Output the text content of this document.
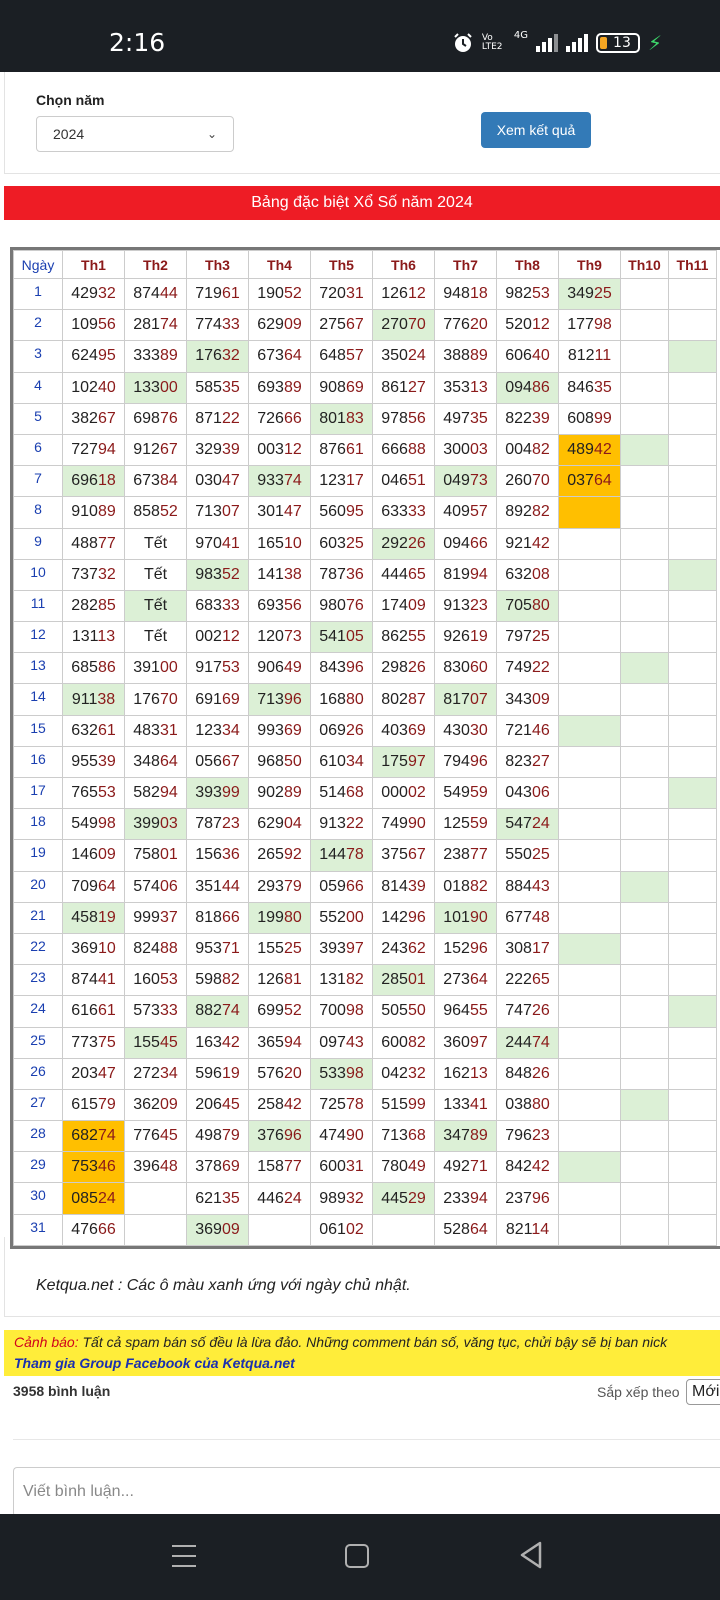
2:16	Vo LTE2
4G	13 ⚡
Chọn năm
2024	⌄	Xem kết quả
Bảng đặc biệt Xổ Số năm 2024
Ngày	Th1	Th2	Th3	Th4	Th5	Th6	Th7	Th8	Th9	Th10	Th11
1	42932	87444	71961	19052	72031	12612	94818	98253	34925		
2	10956	28174	77433	62909	27567	27070	77620	52012	17798		
3	62495	33389	17632	67364	64857	35024	38889	60640	81211		
4	10240	13300	58535	69389	90869	86127	35313	09486	84635		
5	38267	69876	87122	72666	80183	97856	49735	82239	60899		
6	72794	91267	32939	00312	87661	66688	30003	00482	48942		
7	69618	67384	03047	93374	12317	04651	04973	26070	03764		
8	91089	85852	71307	30147	56095	63333	40957	89282			
9	48877	Tết	97041	16510	60325	29226	09466	92142			
10	73732	Tết	98352	14138	78736	44465	81994	63208			
11	28285	Tết	68333	69356	98076	17409	91323	70580			
12	13113	Tết	00212	12073	54105	86255	92619	79725			
13	68586	39100	91753	90649	84396	29826	83060	74922			
14	91138	17670	69169	71396	16880	80287	81707	34309			
15	63261	48331	12334	99369	06926	40369	43030	72146			
16	95539	34864	05667	96850	61034	17597	79496	82327			
17	76553	58294	39399	90289	51468	00002	54959	04306			
18	54998	39903	78723	62904	91322	74990	12559	54724			
19	14609	75801	15636	26592	14478	37567	23877	55025			
20	70964	57406	35144	29379	05966	81439	01882	88443			
21	45819	99937	81866	19980	55200	14296	10190	67748			
22	36910	82488	95371	15525	39397	24362	15296	30817			
23	87441	16053	59882	12681	13182	28501	27364	22265			
24	61661	57333	88274	69952	70098	50550	96455	74726			
25	77375	15545	16342	36594	09743	60082	36097	24474			
26	20347	27234	59619	57620	53398	04232	16213	84826			
27	61579	36209	20645	25842	72578	51599	13341	03880			
28	68274	77645	49879	37696	47490	71368	34789	79623			
29	75346	39648	37869	15877	60031	78049	49271	84242			
30	08524		62135	44624	98932	44529	23394	23796			
31	47666		36909		06102		52864	82114			
Ketqua.net : Các ô màu xanh ứng với ngày chủ nhật.
Cảnh báo: Tất cả spam bán số đều là lừa đảo. Những comment bán số, văng tục, chửi bậy sẽ bị ban nick
Tham gia Group Facebook của Ketqua.net
3958 bình luận	Sắp xếp theo Mới
Viết bình luận...
